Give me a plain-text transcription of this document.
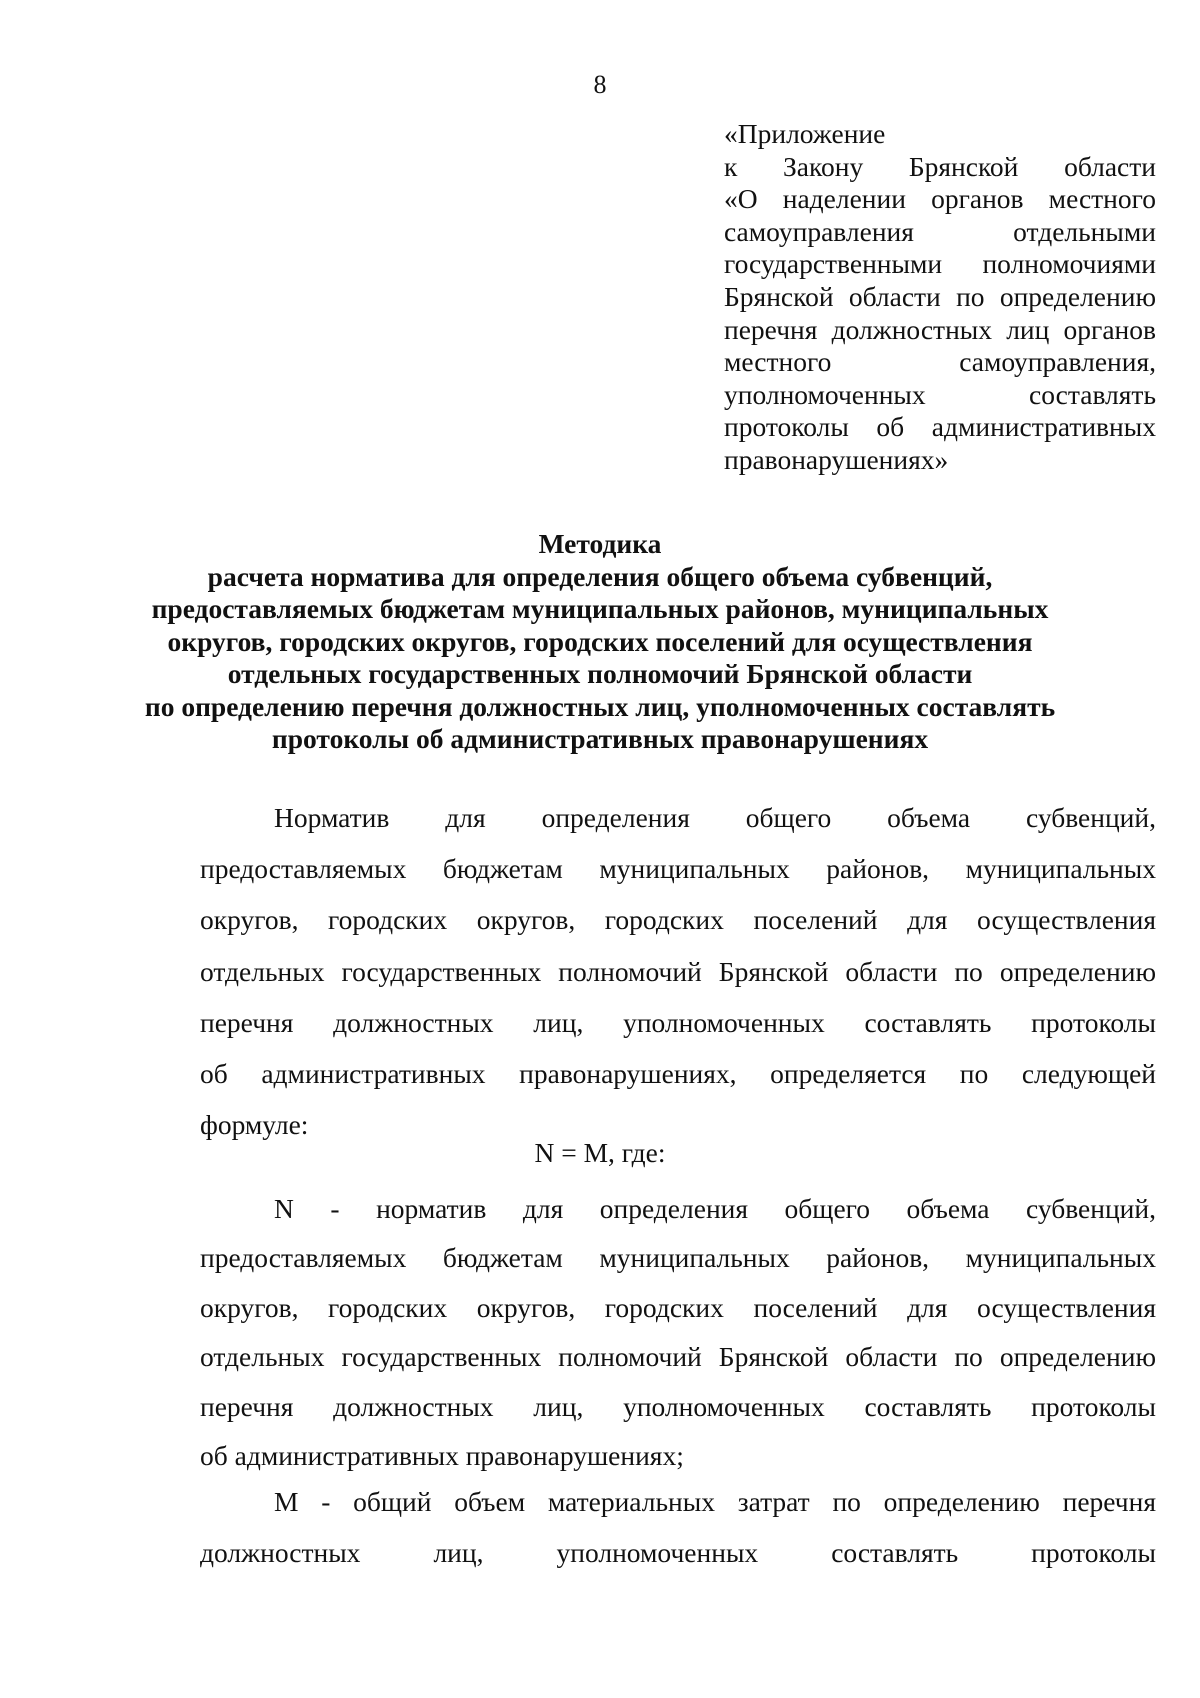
8
«Приложение
к Закону Брянской области
«О наделении органов местного
самоуправления отдельными
государственными полномочиями
Брянской области по определению
перечня должностных лиц органов
местного самоуправления,
уполномоченных составлять
протоколы об административных
правонарушениях»
Методика
расчета норматива для определения общего объема субвенций,
предоставляемых бюджетам муниципальных районов, муниципальных
округов, городских округов, городских поселений для осуществления
отдельных государственных полномочий Брянской области
по определению перечня должностных лиц, уполномоченных составлять
протоколы об административных правонарушениях
Норматив для определения общего объема субвенций,
предоставляемых бюджетам муниципальных районов, муниципальных
округов, городских округов, городских поселений для осуществления
отдельных государственных полномочий Брянской области по определению
перечня должностных лиц, уполномоченных составлять протоколы
об административных правонарушениях, определяется по следующей
формуле:
N = M, где:
N - норматив для определения общего объема субвенций,
предоставляемых бюджетам муниципальных районов, муниципальных
округов, городских округов, городских поселений для осуществления
отдельных государственных полномочий Брянской области по определению
перечня должностных лиц, уполномоченных составлять протоколы
об административных правонарушениях;
M - общий объем материальных затрат по определению перечня
должностных лиц, уполномоченных составлять протоколы
